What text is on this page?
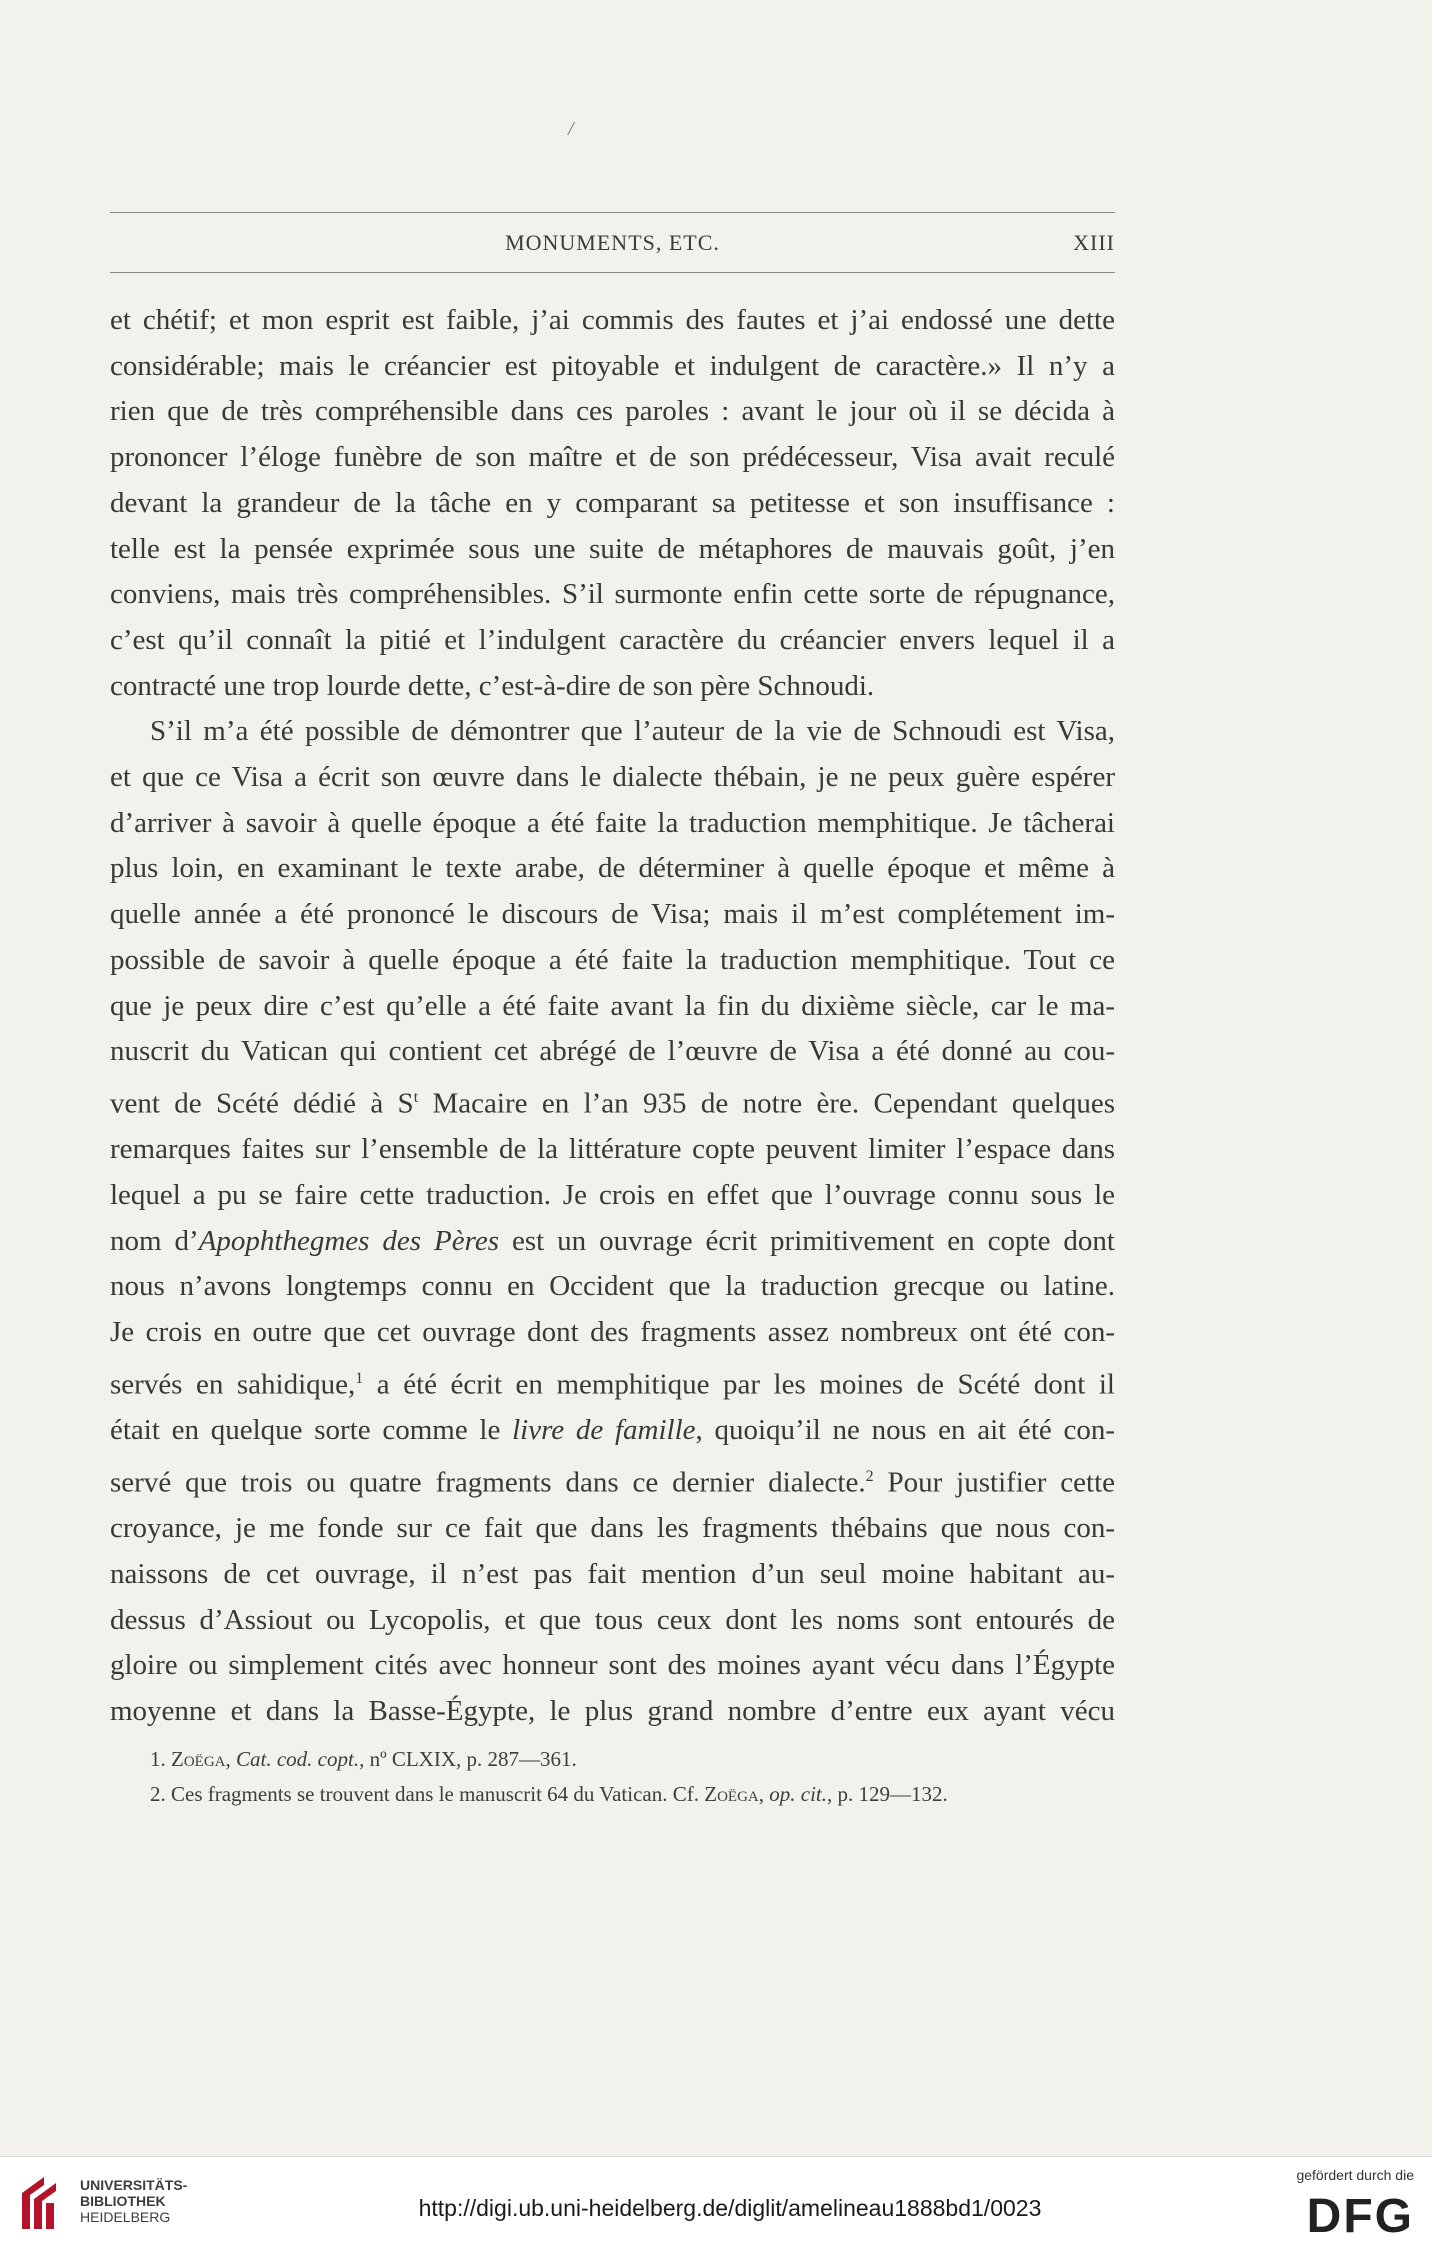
/
MONUMENTS, ETC.	XIII
et chétif; et mon esprit est faible, j’ai commis des fautes et j’ai endossé une dette
considérable; mais le créancier est pitoyable et indulgent de caractère.» Il n’y a
rien que de très compréhensible dans ces paroles : avant le jour où il se décida à
prononcer l’éloge funèbre de son maître et de son prédécesseur, Visa avait reculé
devant la grandeur de la tâche en y comparant sa petitesse et son insuffisance :
telle est la pensée exprimée sous une suite de métaphores de mauvais goût, j’en
conviens, mais très compréhensibles. S’il surmonte enfin cette sorte de répugnance,
c’est qu’il connaît la pitié et l’indulgent caractère du créancier envers lequel il a
contracté une trop lourde dette, c’est-à-dire de son père Schnoudi.
S’il m’a été possible de démontrer que l’auteur de la vie de Schnoudi est Visa,
et que ce Visa a écrit son œuvre dans le dialecte thébain, je ne peux guère espérer
d’arriver à savoir à quelle époque a été faite la traduction memphitique. Je tâcherai
plus loin, en examinant le texte arabe, de déterminer à quelle époque et même à
quelle année a été prononcé le discours de Visa; mais il m’est complétement im-
possible de savoir à quelle époque a été faite la traduction memphitique. Tout ce
que je peux dire c’est qu’elle a été faite avant la fin du dixième siècle, car le ma-
nuscrit du Vatican qui contient cet abrégé de l’œuvre de Visa a été donné au cou-
vent de Scété dédié à $S^t$ Macaire en l’an 935 de notre ère. Cependant quelques
remarques faites sur l’ensemble de la littérature copte peuvent limiter l’espace dans
lequel a pu se faire cette traduction. Je crois en effet que l’ouvrage connu sous le
nom d’Apophthegmes des Pères est un ouvrage écrit primitivement en copte dont
nous n’avons longtemps connu en Occident que la traduction grecque ou latine.
Je crois en outre que cet ouvrage dont des fragments assez nombreux ont été con-
servés en sahidique,$^1$ a été écrit en memphitique par les moines de Scété dont il
était en quelque sorte comme le livre de famille, quoiqu’il ne nous en ait été con-
servé que trois ou quatre fragments dans ce dernier dialecte.$^2$ Pour justifier cette
croyance, je me fonde sur ce fait que dans les fragments thébains que nous con-
naissons de cet ouvrage, il n’est pas fait mention d’un seul moine habitant au-
dessus d’Assiout ou Lycopolis, et que tous ceux dont les noms sont entourés de
gloire ou simplement cités avec honneur sont des moines ayant vécu dans l’Égypte
moyenne et dans la Basse-Égypte, le plus grand nombre d’entre eux ayant vécu
1. Zoëga, Cat. cod. copt., nº CLXIX, p. 287—361.
2. Ces fragments se trouvent dans le manuscrit 64 du Vatican. Cf. Zoëga, op. cit., p. 129—132.
UNIVERSITÄTS-
BIBLIOTHEK
HEIDELBERG	http://digi.ub.uni-heidelberg.de/diglit/amelineau1888bd1/0023
gefördert durch die
DFG
